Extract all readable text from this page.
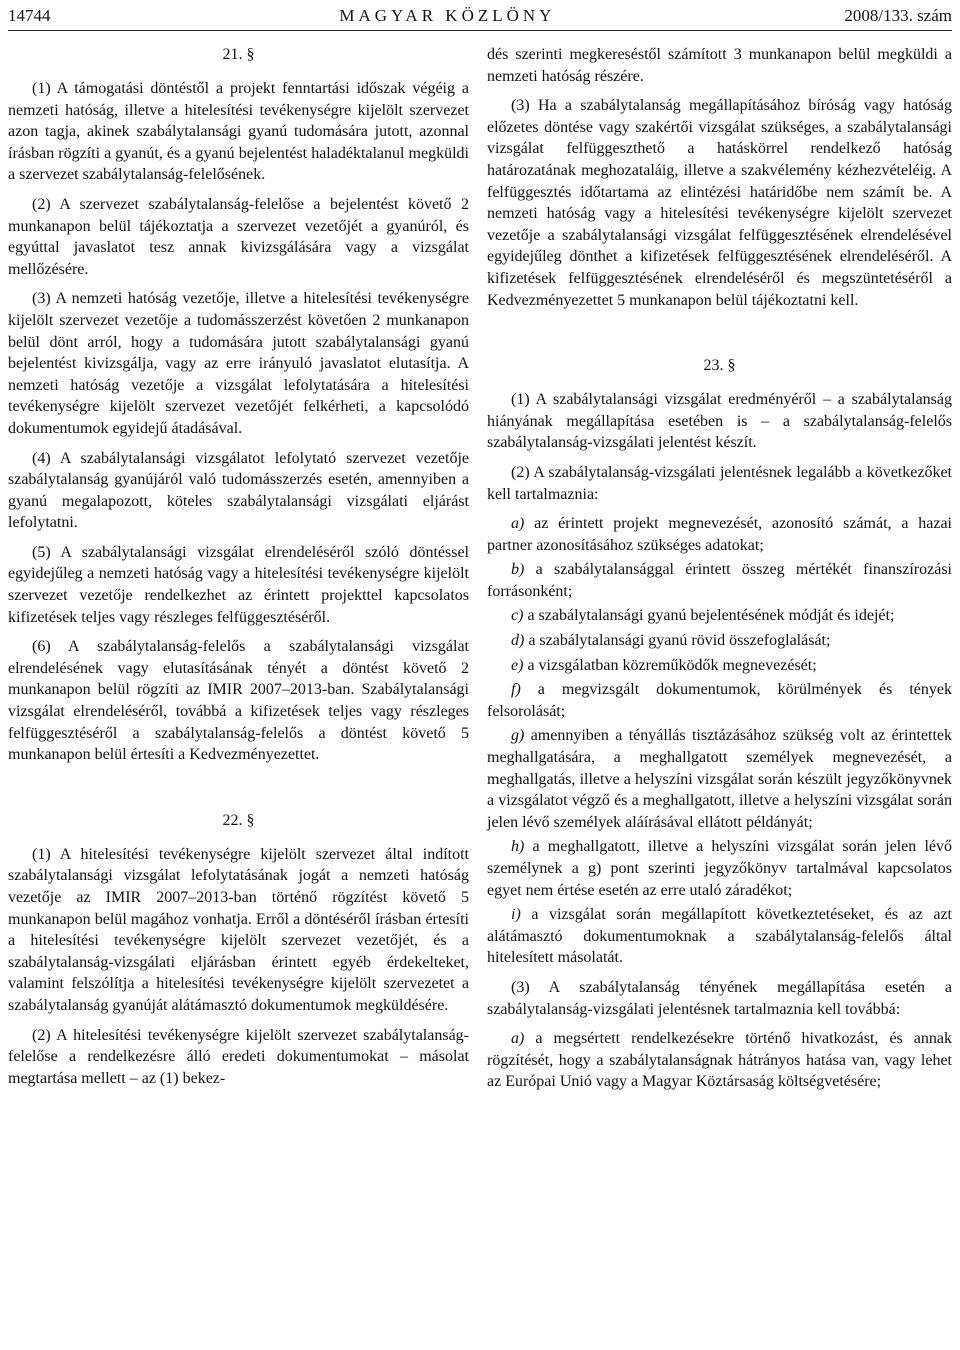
14744	MAGYAR KÖZLÖNY	2008/133. szám
21. §

(1) A támogatási döntéstől a projekt fenntartási időszak végéig a nemzeti hatóság, illetve a hitelesítési tevékenységre kijelölt szervezet azon tagja, akinek szabálytalansági gyanú tudomására jutott, azonnal írásban rögzíti a gyanút, és a gyanú bejelentést haladéktalanul megküldi a szervezet szabálytalanság-felelősének.

(2) A szervezet szabálytalanság-felelőse a bejelentést követő 2 munkanapon belül tájékoztatja a szervezet vezetőjét a gyanúról, és egyúttal javaslatot tesz annak kivizsgálására vagy a vizsgálat mellőzésére.

(3) A nemzeti hatóság vezetője, illetve a hitelesítési tevékenységre kijelölt szervezet vezetője a tudomásszerzést követően 2 munkanapon belül dönt arról, hogy a tudomására jutott szabálytalansági gyanú bejelentést kivizsgálja, vagy az erre irányuló javaslatot elutasítja. A nemzeti hatóság vezetője a vizsgálat lefolytatására a hitelesítési tevékenységre kijelölt szervezet vezetőjét felkérheti, a kapcsolódó dokumentumok egyidejű átadásával.

(4) A szabálytalansági vizsgálatot lefolytató szervezet vezetője szabálytalanság gyanújáról való tudomásszerzés esetén, amennyiben a gyanú megalapozott, köteles szabálytalansági vizsgálati eljárást lefolytatni.

(5) A szabálytalansági vizsgálat elrendeléséről szóló döntéssel egyidejűleg a nemzeti hatóság vagy a hitelesítési tevékenységre kijelölt szervezet vezetője rendelkezhet az érintett projekttel kapcsolatos kifizetések teljes vagy részleges felfüggesztéséről.

(6) A szabálytalanság-felelős a szabálytalansági vizsgálat elrendelésének vagy elutasításának tényét a döntést követő 2 munkanapon belül rögzíti az IMIR 2007–2013-ban. Szabálytalansági vizsgálat elrendeléséről, továbbá a kifizetések teljes vagy részleges felfüggesztéséről a szabálytalanság-felelős a döntést követő 5 munkanapon belül értesíti a Kedvezményezettet.

22. §

(1) A hitelesítési tevékenységre kijelölt szervezet által indított szabálytalansági vizsgálat lefolytatásának jogát a nemzeti hatóság vezetője az IMIR 2007–2013-ban történő rögzítést követő 5 munkanapon belül magához vonhatja. Erről a döntéséről írásban értesíti a hitelesítési tevékenységre kijelölt szervezet vezetőjét, és a szabálytalanság-vizsgálati eljárásban érintett egyéb érdekelteket, valamint felszólítja a hitelesítési tevékenységre kijelölt szervezetet a szabálytalanság gyanúját alátámasztó dokumentumok megküldésére.

(2) A hitelesítési tevékenységre kijelölt szervezet szabálytalanság-felelőse a rendelkezésre álló eredeti dokumentumokat – másolat megtartása mellett – az (1) bekez-

dés szerinti megkereséstől számított 3 munkanapon belül megküldi a nemzeti hatóság részére.

(3) Ha a szabálytalanság megállapításához bíróság vagy hatóság előzetes döntése vagy szakértői vizsgálat szükséges, a szabálytalansági vizsgálat felfüggeszthető a hatáskörrel rendelkező hatóság határozatának meghozataláig, illetve a szakvélemény kézhezvételéig. A felfüggesztés időtartama az elintézési határidőbe nem számít be. A nemzeti hatóság vagy a hitelesítési tevékenységre kijelölt szervezet vezetője a szabálytalansági vizsgálat felfüggesztésének elrendelésével egyidejűleg dönthet a kifizetések felfüggesztésének elrendeléséről. A kifizetések felfüggesztésének elrendeléséről és megszüntetéséről a Kedvezményezettet 5 munkanapon belül tájékoztatni kell.

23. §

(1) A szabálytalansági vizsgálat eredményéről – a szabálytalanság hiányának megállapítása esetében is – a szabálytalanság-felelős szabálytalanság-vizsgálati jelentést készít.

(2) A szabálytalanság-vizsgálati jelentésnek legalább a következőket kell tartalmaznia:

a) az érintett projekt megnevezését, azonosító számát, a hazai partner azonosításához szükséges adatokat;

b) a szabálytalansággal érintett összeg mértékét finanszírozási forrásonként;

c) a szabálytalansági gyanú bejelentésének módját és idejét;

d) a szabálytalansági gyanú rövid összefoglalását;

e) a vizsgálatban közreműködők megnevezését;

f) a megvizsgált dokumentumok, körülmények és tények felsorolását;

g) amennyiben a tényállás tisztázásához szükség volt az érintettek meghallgatására, a meghallgatott személyek megnevezését, a meghallgatás, illetve a helyszíni vizsgálat során készült jegyzőkönyvnek a vizsgálatot végző és a meghallgatott, illetve a helyszíni vizsgálat során jelen lévő személyek aláírásával ellátott példányát;

h) a meghallgatott, illetve a helyszíni vizsgálat során jelen lévő személynek a g) pont szerinti jegyzőkönyv tartalmával kapcsolatos egyet nem értése esetén az erre utaló záradékot;

i) a vizsgálat során megállapított következtetéseket, és az azt alátámasztó dokumentumoknak a szabálytalanság-felelős által hitelesített másolatát.

(3) A szabálytalanság tényének megállapítása esetén a szabálytalanság-vizsgálati jelentésnek tartalmaznia kell továbbá:

a) a megsértett rendelkezésekre történő hivatkozást, és annak rögzítését, hogy a szabálytalanságnak hátrányos hatása van, vagy lehet az Európai Unió vagy a Magyar Köztársaság költségvetésére;
